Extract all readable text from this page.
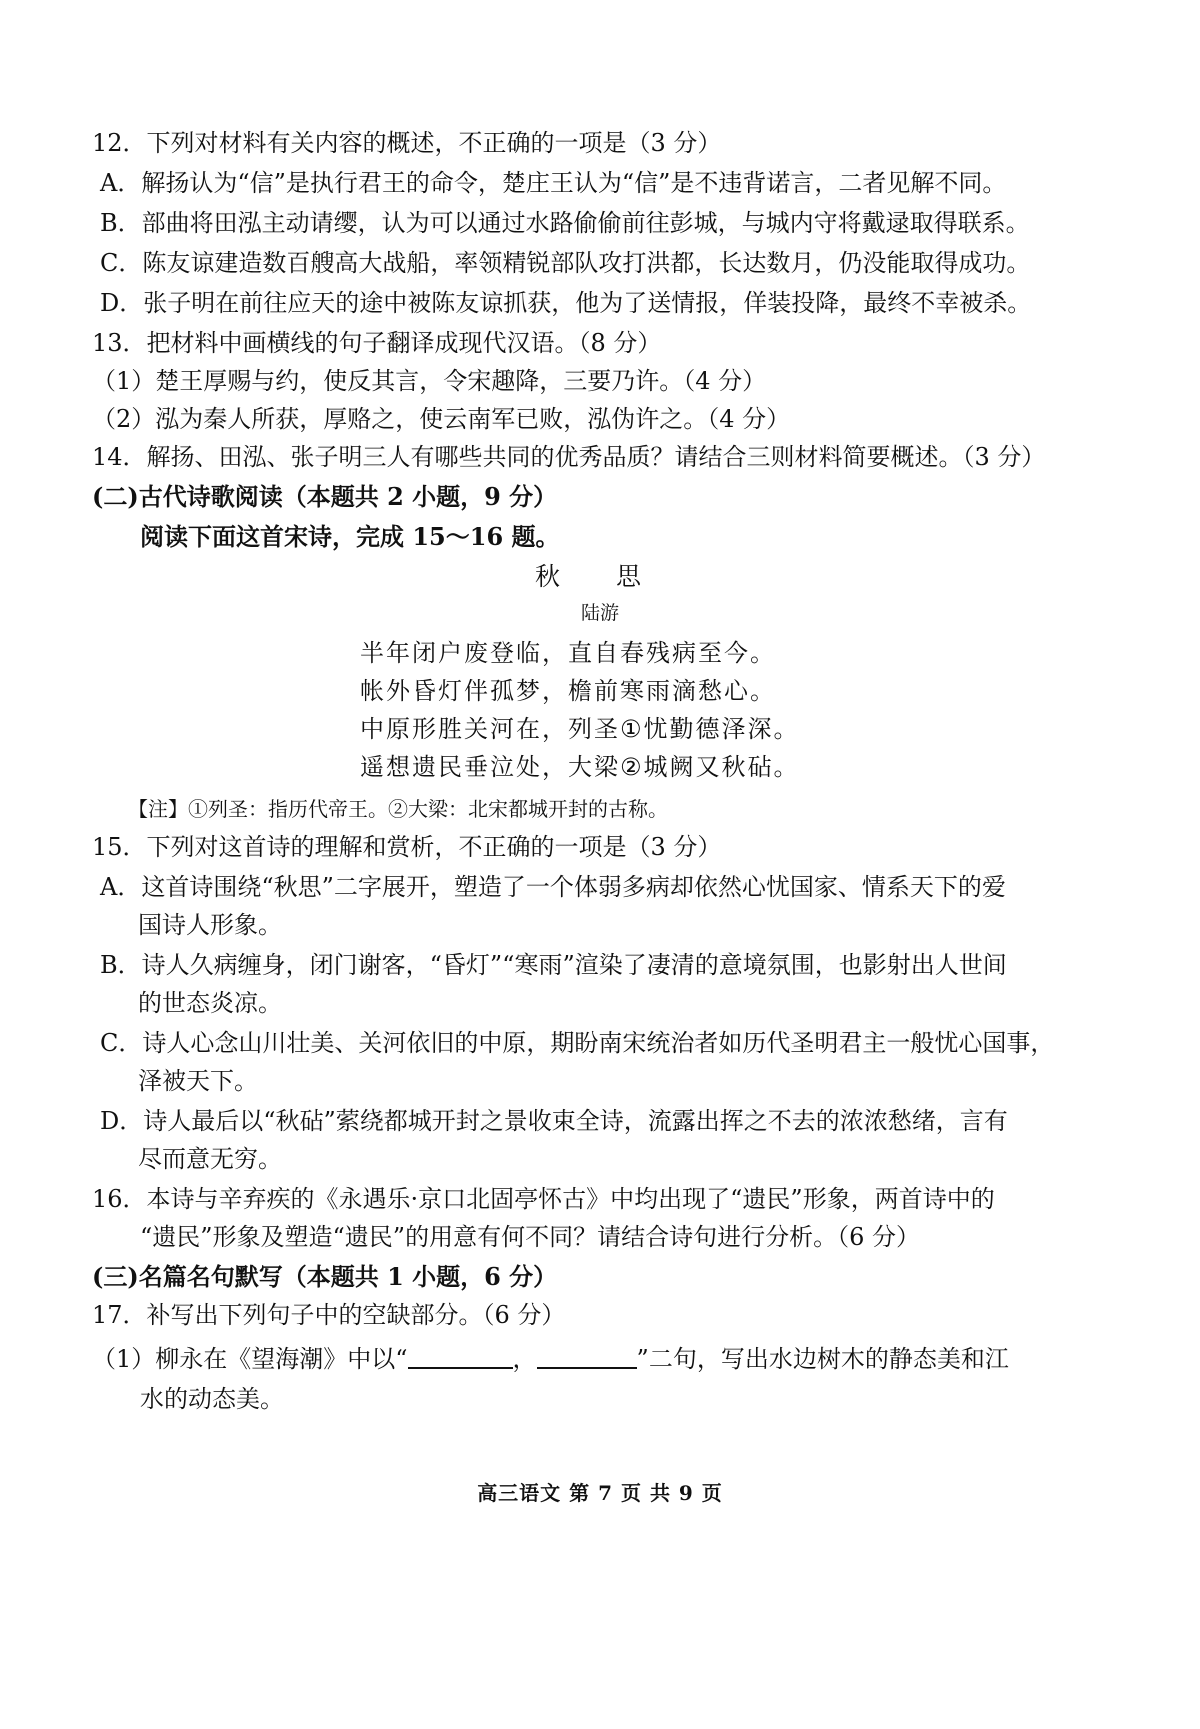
12．下列对材料有关内容的概述，不正确的一项是（3 分）
A．解扬认为“信”是执行君王的命令，楚庄王认为“信”是不违背诺言，二者见解不同。
B．部曲将田泓主动请缨，认为可以通过水路偷偷前往彭城，与城内守将戴逯取得联系。
C．陈友谅建造数百艘高大战船，率领精锐部队攻打洪都，长达数月，仍没能取得成功。
D．张子明在前往应天的途中被陈友谅抓获，他为了送情报，佯装投降，最终不幸被杀。
13．把材料中画横线的句子翻译成现代汉语。（8 分）
（1）楚王厚赐与约，使反其言，令宋趣降，三要乃许。（4 分）
（2）泓为秦人所获，厚赂之，使云南军已败，泓伪许之。（4 分）
14．解扬、田泓、张子明三人有哪些共同的优秀品质？请结合三则材料简要概述。（3 分）
(二)古代诗歌阅读（本题共 2 小题，9 分）
阅读下面这首宋诗，完成 15～16 题。
秋 思
陆游
半年闭户废登临，直自春残病至今。
帐外昏灯伴孤梦，檐前寒雨滴愁心。
中原形胜关河在，列圣①忧勤德泽深。
遥想遗民垂泣处，大梁②城阙又秋砧。
【注】①列圣：指历代帝王。②大梁：北宋都城开封的古称。
15．下列对这首诗的理解和赏析，不正确的一项是（3 分）
A．这首诗围绕“秋思”二字展开，塑造了一个体弱多病却依然心忧国家、情系天下的爱
国诗人形象。
B．诗人久病缠身，闭门谢客，“昏灯”“寒雨”渲染了凄清的意境氛围，也影射出人世间
的世态炎凉。
C．诗人心念山川壮美、关河依旧的中原，期盼南宋统治者如历代圣明君主一般忧心国事，
泽被天下。
D．诗人最后以“秋砧”萦绕都城开封之景收束全诗，流露出挥之不去的浓浓愁绪，言有
尽而意无穷。
16．本诗与辛弃疾的《永遇乐·京口北固亭怀古》中均出现了“遗民”形象，两首诗中的
“遗民”形象及塑造“遗民”的用意有何不同？请结合诗句进行分析。（6 分）
(三)名篇名句默写（本题共 1 小题，6 分）
17．补写出下列句子中的空缺部分。（6 分）
（1）柳永在《望海潮》中以“	，	”二句，写出水边树木的静态美和江
水的动态美。
高三语文 第 7 页 共 9 页
